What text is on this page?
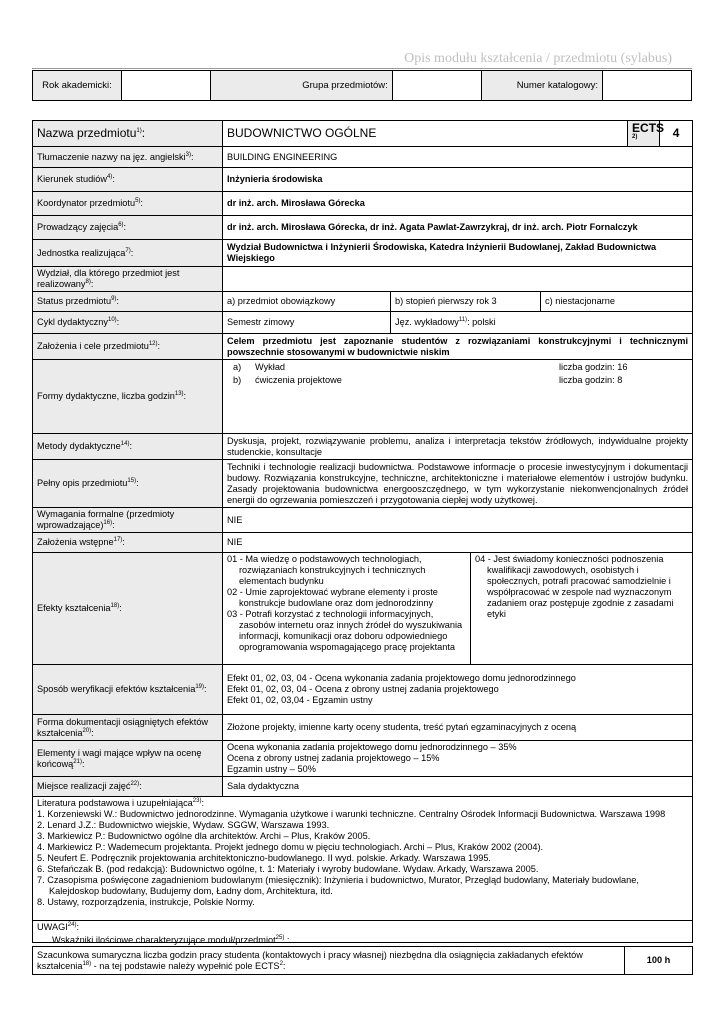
Opis modułu kształcenia / przedmiotu (sylabus)
Rok akademicki:		Grupa przedmiotów:		Numer katalogowy:	
Nazwa przedmiotu$^{1)}$:	BUDOWNICTWO OGÓLNE	ECTS $^{2)}$	4
Tłumaczenie nazwy na jęz. angielski$^{3)}$:	BUILDING ENGINEERING
Kierunek studiów$^{4)}$:	Inżynieria środowiska
Koordynator przedmiotu$^{5)}$:	dr inż. arch. Mirosława Górecka
Prowadzący zajęcia$^{6)}$:	dr inż. arch. Mirosława Górecka, dr inż. Agata Pawlat-Zawrzykraj, dr inż. arch. Piotr Fornalczyk
Jednostka realizująca$^{7)}$:	Wydział Budownictwa i Inżynierii Środowiska, Katedra Inżynierii Budowlanej, Zakład Budownictwa Wiejskiego
Wydział, dla którego przedmiot jest realizowany$^{8)}$:	
Status przedmiotu$^{9)}$:	a) przedmiot obowiązkowy	b) stopień pierwszy rok 3	c) niestacjonarne
Cykl dydaktyczny$^{10)}$:	Semestr zimowy	Jęz. wykładowy$^{11)}$: polski
Założenia i cele przedmiotu$^{12)}$:	Celem przedmiotu jest zapoznanie studentów z rozwiązaniami konstrukcyjnymi i technicznymi powszechnie stosowanymi w budownictwie niskim
Formy dydaktyczne, liczba godzin$^{13)}$:	
a)	Wykład	liczba godzin: 16
b)	ćwiczenia projektowe	liczba godzin: 8

Metody dydaktyczne$^{14)}$:	Dyskusja, projekt, rozwiązywanie problemu, analiza i interpretacja tekstów źródłowych, indywidualne projekty studenckie, konsultacje
Pełny opis przedmiotu$^{15)}$:	Techniki i technologie realizacji budownictwa. Podstawowe informacje o procesie inwestycyjnym i dokumentacji budowy. Rozwiązania konstrukcyjne, techniczne, architektoniczne i materiałowe elementów i ustrojów budynku. Zasady projektowania budownictwa energooszczędnego, w tym wykorzystanie niekonwencjonalnych źródeł energii do ogrzewania pomieszczeń i przygotowania ciepłej wody użytkowej.
Wymagania formalne (przedmioty wprowadzające)$^{16)}$:	NIE
Założenia wstępne$^{17)}$:	NIE
Efekty kształcenia$^{18)}$:	

01 - Ma wiedzę o podstawowych technologiach, rozwiązaniach konstrukcyjnych i technicznych elementach budynku

02 - Umie zaprojektować wybrane elementy i proste konstrukcje budowlane oraz dom jednorodzinny

03 - Potrafi korzystać z technologii informacyjnych, zasobów internetu oraz innych źródeł do wyszukiwania informacji, komunikacji oraz doboru odpowiedniego oprogramowania wspomagającego pracę projektanta

04 - Jest świadomy konieczności podnoszenia kwalifikacji zawodowych, osobistych i społecznych, potrafi pracować samodzielnie i współpracować w zespole nad wyznaczonym zadaniem oraz postępuje zgodnie z zasadami etyki

Sposób weryfikacji efektów kształcenia$^{19)}$:	
Efekt 01, 02, 03, 04 - Ocena wykonania zadania projektowego domu jednorodzinnego
Efekt 01, 02, 03, 04 - Ocena z obrony ustnej zadania projektowego
Efekt 01, 02, 03,04 - Egzamin ustny

Forma dokumentacji osiągniętych efektów kształcenia$^{20)}$:	Złożone projekty, imienne karty oceny studenta, treść pytań egzaminacyjnych z oceną
Elementy i wagi mające wpływ na ocenę końcową$^{21)}$:	
Ocena wykonania zadania projektowego domu jednorodzinnego – 35%
Ocena z obrony ustnej zadania projektowego – 15%
Egzamin ustny – 50%

Miejsce realizacji zajęć$^{22)}$:	Sala dydaktyczna

Literatura podstawowa i uzupełniająca$^{23)}$:

1. Korzeniewski W.: Budownictwo jednorodzinne. Wymagania użytkowe i warunki techniczne. Centralny Ośrodek Informacji Budownictwa. Warszawa 1998

2. Lenard J.Z.: Budownictwo wiejskie, Wydaw. SGGW, Warszawa 1993.

3. Markiewicz P.: Budownictwo ogólne dla architektów. Archi – Plus, Kraków 2005.

4. Markiewicz P.: Wademecum projektanta. Projekt jednego domu w pięciu technologiach. Archi – Plus, Kraków 2002 (2004).

5. Neufert E. Podręcznik projektowania architektoniczno-budowlanego. II wyd. polskie. Arkady. Warszawa 1995.

6. Stefańczak B. (pod redakcją): Budownictwo ogólne, t. 1: Materiały i wyroby budowlane. Wydaw. Arkady, Warszawa 2005.

7. Czasopisma poświęcone zagadnieniom budowlanym (miesięcznik): Inżynieria i budownictwo, Murator, Przegląd budowlany, Materiały budowlane, Kalejdoskop budowlany, Budujemy dom, Ładny dom, Architektura, itd.

8. Ustawy, rozporządzenia, instrukcje, Polskie Normy.

UWAGI$^{24)}$:
Wskaźniki ilościowe charakteryzujące moduł/przedmiot$^{25)}$ :
Szacunkowa sumaryczna liczba godzin pracy studenta (kontaktowych i pracy własnej) niezbędna dla osiągnięcia zakładanych efektów kształcenia$^{18)}$ - na tej podstawie należy wypełnić pole ECTS$^2$:	100 h
